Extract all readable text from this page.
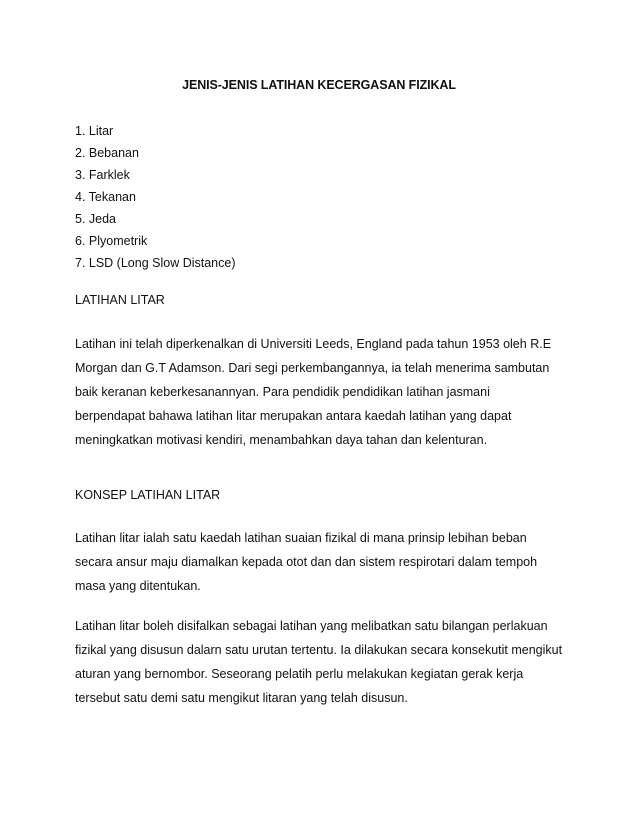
JENIS-JENIS LATIHAN KECERGASAN FIZIKAL
1. Litar
2. Bebanan
3. Farklek
4. Tekanan
5. Jeda
6. Plyometrik
7. LSD (Long Slow Distance)
LATIHAN LITAR
Latihan ini telah diperkenalkan di Universiti Leeds, England pada tahun 1953 oleh R.E
Morgan dan G.T Adamson. Dari segi perkembangannya, ia telah menerima sambutan
baik keranan keberkesanannyan. Para pendidik pendidikan latihan jasmani
berpendapat bahawa latihan litar merupakan antara kaedah latihan yang dapat
meningkatkan motivasi kendiri, menambahkan daya tahan dan kelenturan.
KONSEP LATIHAN LITAR
Latihan litar ialah satu kaedah latihan suaian fizikal di mana prinsip lebihan beban
secara ansur maju diamalkan kepada otot dan dan sistem respirotari dalam tempoh
masa yang ditentukan.
Latihan litar boleh disifalkan sebagai latihan yang melibatkan satu bilangan perlakuan
fizikal yang disusun dalarn satu urutan tertentu. Ia dilakukan secara konsekutit mengikut
aturan yang bernombor. Seseorang pelatih perlu melakukan kegiatan gerak kerja
tersebut satu demi satu mengikut litaran yang telah disusun.
